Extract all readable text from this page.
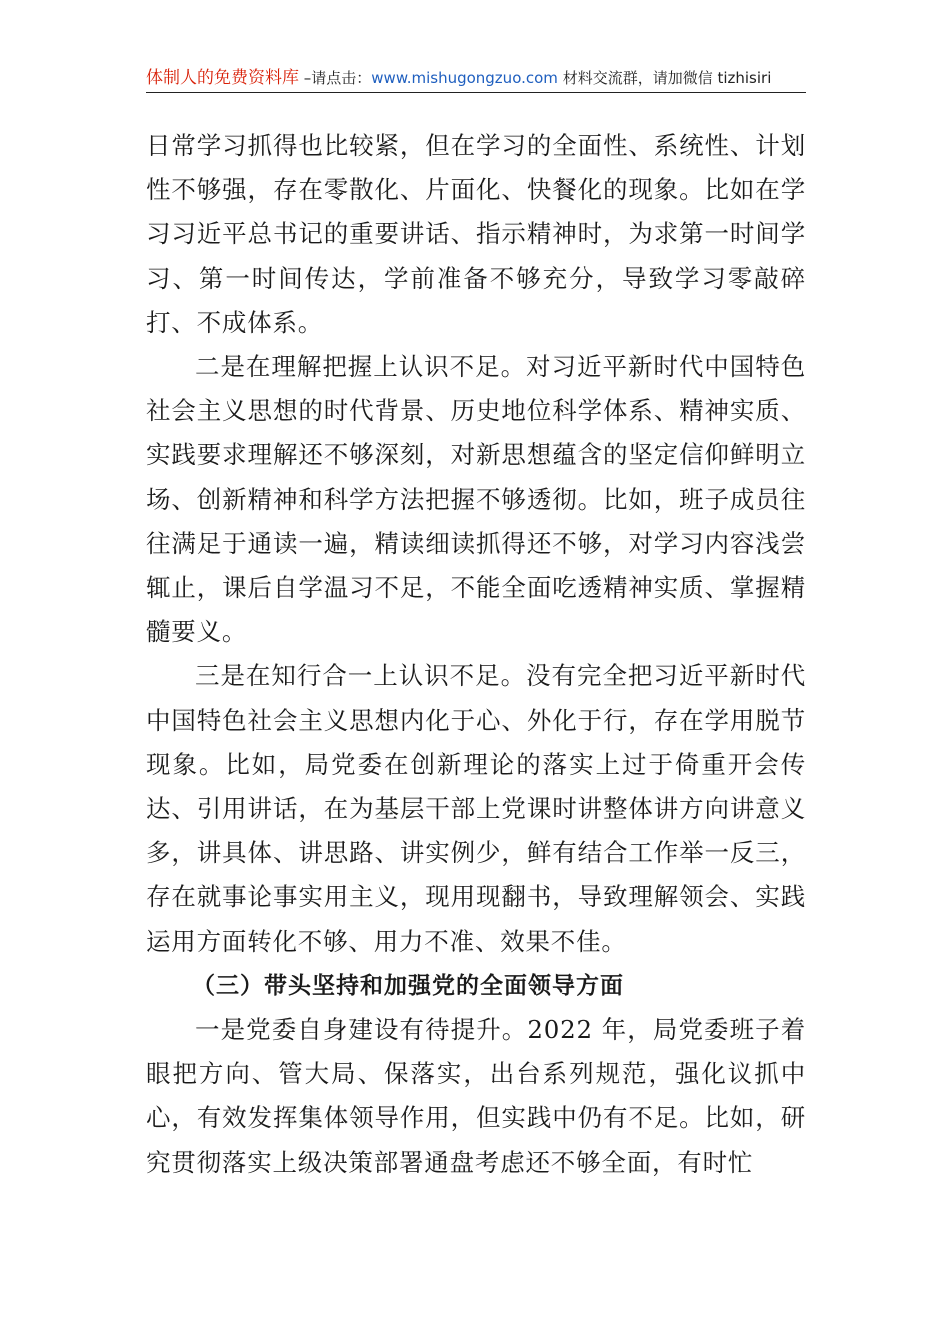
体制人的免费资料库 –请点击：www.mishugongzuo.com 材料交流群，请加微信 tizhisiri

日常学习抓得也比较紧，但在学习的全面性、系统性、计划性不够强，存在零散化、片面化、快餐化的现象。比如在学习习近平总书记的重要讲话、指示精神时，为求第一时间学习、第一时间传达，学前准备不够充分，导致学习零敲碎打、不成体系。

二是在理解把握上认识不足。对习近平新时代中国特色社会主义思想的时代背景、历史地位科学体系、精神实质、实践要求理解还不够深刻，对新思想蕴含的坚定信仰鲜明立场、创新精神和科学方法把握不够透彻。比如，班子成员往往满足于通读一遍，精读细读抓得还不够，对学习内容浅尝辄止，课后自学温习不足，不能全面吃透精神实质、掌握精髓要义。

三是在知行合一上认识不足。没有完全把习近平新时代中国特色社会主义思想内化于心、外化于行，存在学用脱节现象。比如，局党委在创新理论的落实上过于倚重开会传达、引用讲话，在为基层干部上党课时讲整体讲方向讲意义多，讲具体、讲思路、讲实例少，鲜有结合工作举一反三，存在就事论事实用主义，现用现翻书，导致理解领会、实践运用方面转化不够、用力不准、效果不佳。

（三）带头坚持和加强党的全面领导方面

一是党委自身建设有待提升。2022 年，局党委班子着眼把方向、管大局、保落实，出台系列规范，强化议抓中心，有效发挥集体领导作用，但实践中仍有不足。比如，研究贯彻落实上级决策部署通盘考虑还不够全面，有时忙
